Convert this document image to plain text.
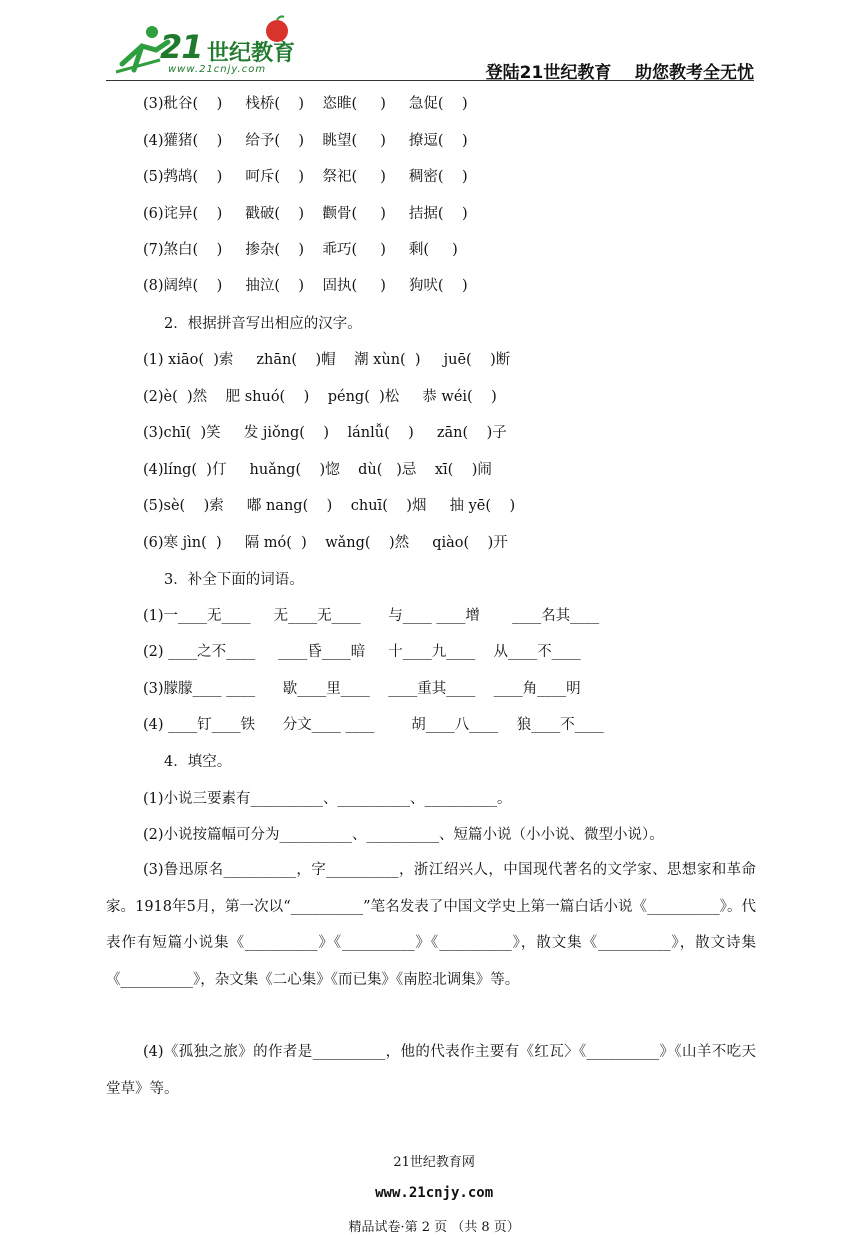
21 世纪教育
www.21cnjy.com	登陆21世纪教育    助您教考全无忧
(3)秕谷(    )     栈桥(    )    恣睢(     )     急促(    )
(4)獾猪(    )     给予(    )    眺望(     )     撩逗(    )
(5)鹁鸪(    )     呵斥(    )    祭祀(     )     稠密(    )
(6)诧异(    )     戳破(    )    颧骨(     )     拮据(    )
(7)煞白(    )     掺杂(    )    乖巧(     )     剩(     )
(8)阔绰(    )     抽泣(    )    固执(     )     狗吠(    )
2．根据拼音写出相应的汉字。
(1) xiāo(  )索     zhān(    )帽    潮 xùn(  )     juē(    )断
(2)è(  )然    肥 shuó(    )    péng(  )松     恭 wéi(    )
(3)chī(  )笑     发 jiǒng(    )    lánlǚ(    )     zān(    )子
(4)líng(  )仃     huǎng(    )惚    dù(   )忌    xī(    )闹
(5)sè(    )索     嘟 nang(    )    chuī(    )烟     抽 yē(    )
(6)寒 jìn(  )     隔 mó(  )    wǎng(    )然     qiào(    )开
3．补全下面的词语。
(1)一____无____     无____无____      与____ ____增       ____名其____
(2) ____之不____     ____昏____暗     十____九____    从____不____
(3)朦朦____ ____      歇____里____    ____重其____    ____角____明
(4) ____钉____铁      分文____ ____        胡____八____    狼____不____
4．填空。
(1)小说三要素有__________、__________、__________。
(2)小说按篇幅可分为__________、__________、短篇小说（小小说、微型小说）。

(3)鲁迅原名__________，字__________，浙江绍兴人，中国现代著名的文学家、思想家和革命家。1918年5月，第一次以“__________”笔名发表了中国文学史上第一篇白话小说《__________》。代表作有短篇小说集《__________》《__________》《__________》，散文集《__________》，散文诗集《__________》，杂文集《二心集》《而已集》《南腔北调集》等。

(4)《孤独之旅》的作者是__________，他的代表作主要有《红瓦〉《__________》《山羊不吃天堂草》等。

21世纪教育网

www.21cnjy.com

精品试卷·第 2 页 （共 8 页）
